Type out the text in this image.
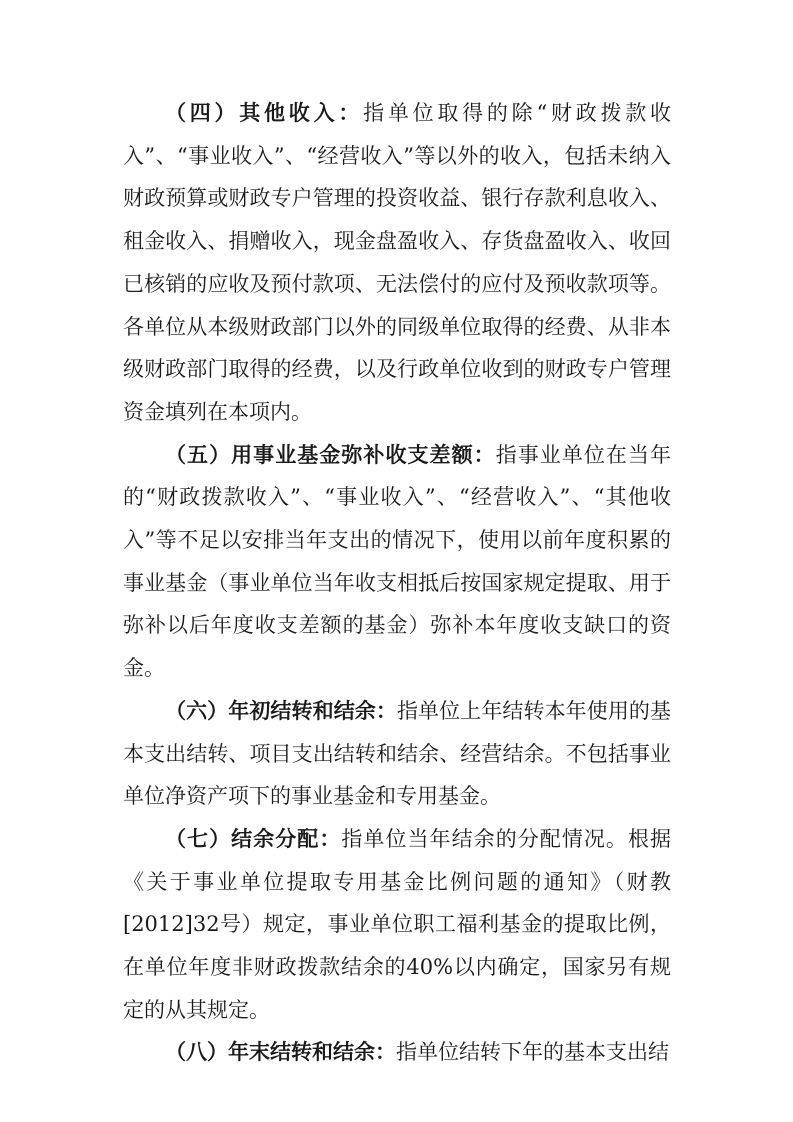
（四）其他收入：指单位取得的除“财政拨款收入”、“事业收入”、“经营收入”等以外的收入，包括未纳入财政预算或财政专户管理的投资收益、银行存款利息收入、租金收入、捐赠收入，现金盘盈收入、存货盘盈收入、收回已核销的应收及预付款项、无法偿付的应付及预收款项等。各单位从本级财政部门以外的同级单位取得的经费、从非本级财政部门取得的经费，以及行政单位收到的财政专户管理资金填列在本项内。

（五）用事业基金弥补收支差额：指事业单位在当年的“财政拨款收入”、“事业收入”、“经营收入”、“其他收入”等不足以安排当年支出的情况下，使用以前年度积累的事业基金（事业单位当年收支相抵后按国家规定提取、用于弥补以后年度收支差额的基金）弥补本年度收支缺口的资金。

（六）年初结转和结余：指单位上年结转本年使用的基本支出结转、项目支出结转和结余、经营结余。不包括事业单位净资产项下的事业基金和专用基金。

（七）结余分配：指单位当年结余的分配情况。根据《关于事业单位提取专用基金比例问题的通知》（财教[2012]32号）规定，事业单位职工福利基金的提取比例，在单位年度非财政拨款结余的40%以内确定，国家另有规定的从其规定。

（八）年末结转和结余：指单位结转下年的基本支出结
